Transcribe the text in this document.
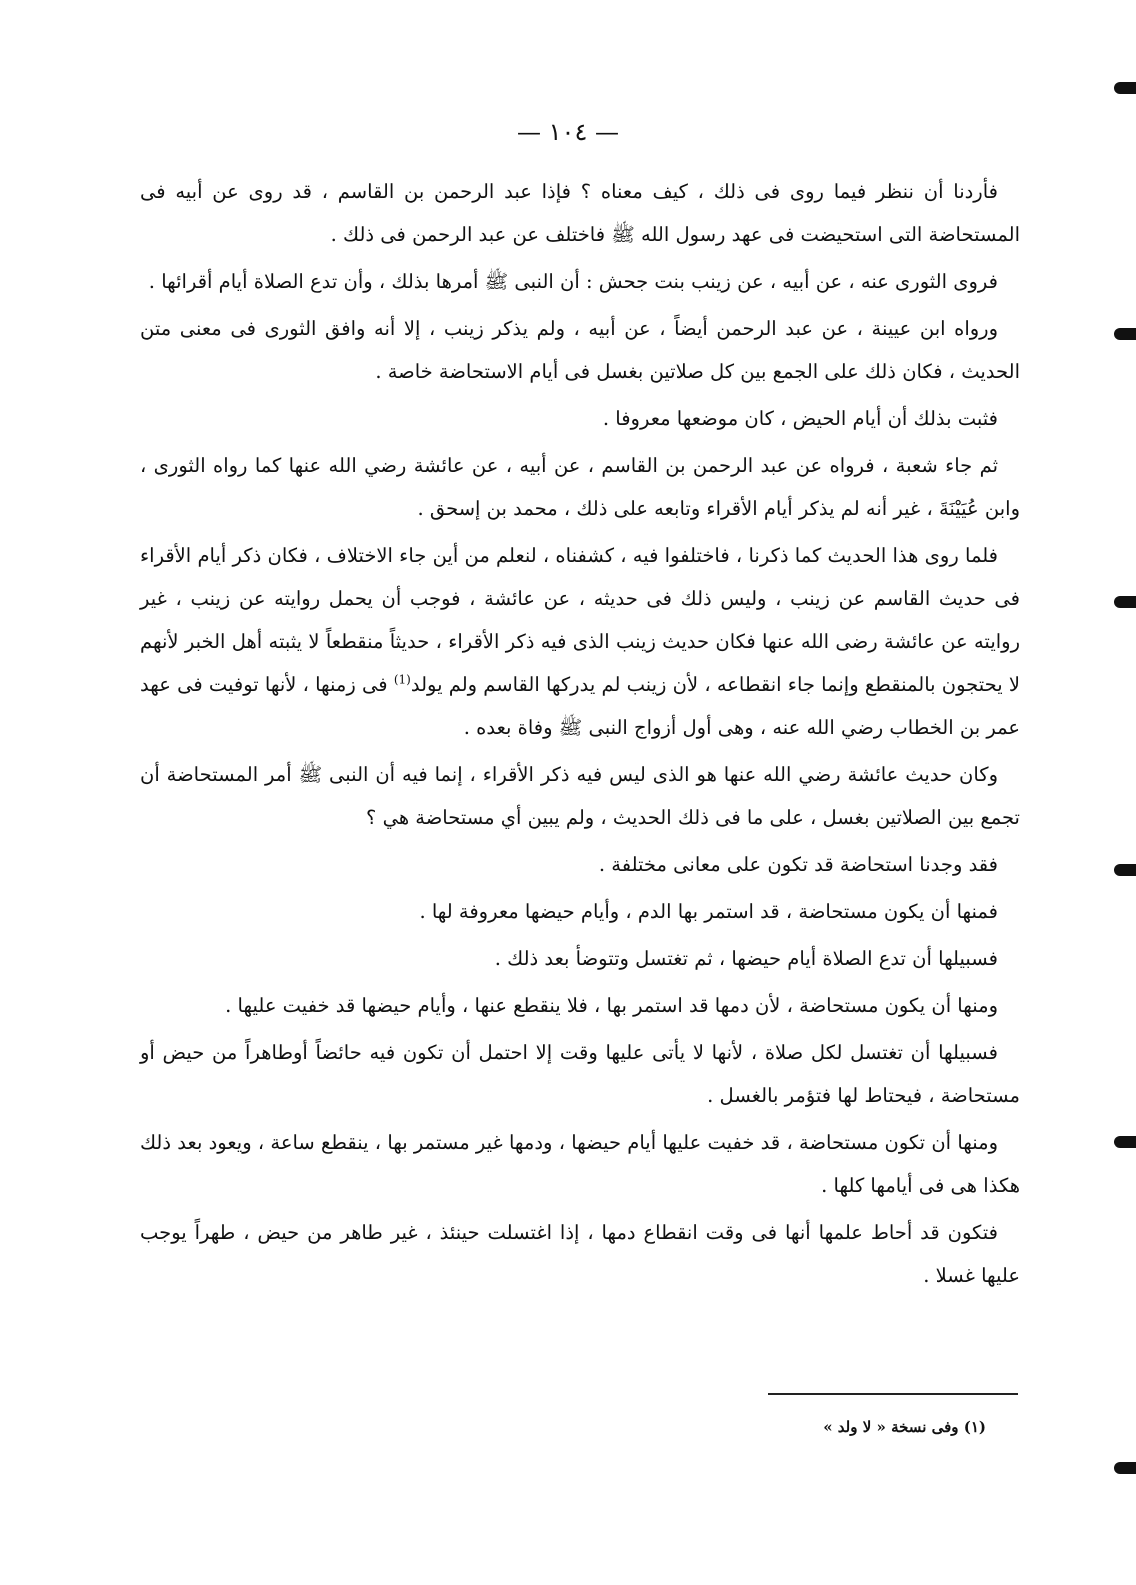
— ١٠٤ —

فأردنا أن ننظر فيما روى فى ذلك ، كيف معناه ؟ فإذا عبد الرحمن بن القاسم ، قد روى عن أبيه فى المستحاضة التى استحيضت فى عهد رسول الله ﷺ فاختلف عن عبد الرحمن فى ذلك .

فروى الثورى عنه ، عن أبيه ، عن زينب بنت جحش : أن النبى ﷺ أمرها بذلك ، وأن تدع الصلاة أيام أقرائها .

ورواه ابن عيينة ، عن عبد الرحمن أيضاً ، عن أبيه ، ولم يذكر زينب ، إلا أنه وافق الثورى فى معنى متن الحديث ، فكان ذلك على الجمع بين كل صلاتين بغسل فى أيام الاستحاضة خاصة .

فثبت بذلك أن أيام الحيض ، كان موضعها معروفا .

ثم جاء شعبة ، فرواه عن عبد الرحمن بن القاسم ، عن أبيه ، عن عائشة رضي الله عنها كما رواه الثورى ، وابن عُيَيْنَةَ ، غير أنه لم يذكر أيام الأقراء وتابعه على ذلك ، محمد بن إسحق .

فلما روى هذا الحديث كما ذكرنا ، فاختلفوا فيه ، كشفناه ، لنعلم من أين جاء الاختلاف ، فكان ذكر أيام الأقراء فى حديث القاسم عن زينب ، وليس ذلك فى حديثه ، عن عائشة ، فوجب أن يحمل روايته عن زينب ، غير روايته عن عائشة رضى الله عنها فكان حديث زينب الذى فيه ذكر الأقراء ، حديثاً منقطعاً لا يثبته أهل الخبر لأنهم لا يحتجون بالمنقطع وإنما جاء انقطاعه ، لأن زينب لم يدركها القاسم ولم يولد$^{(1)}$ فى زمنها ، لأنها توفيت فى عهد عمر بن الخطاب رضي الله عنه ، وهى أول أزواج النبى ﷺ وفاة بعده .

وكان حديث عائشة رضي الله عنها هو الذى ليس فيه ذكر الأقراء ، إنما فيه أن النبى ﷺ أمر المستحاضة أن تجمع بين الصلاتين بغسل ، على ما فى ذلك الحديث ، ولم يبين أي مستحاضة هي ؟

فقد وجدنا استحاضة قد تكون على معانى مختلفة .

فمنها أن يكون مستحاضة ، قد استمر بها الدم ، وأيام حيضها معروفة لها .

فسبيلها أن تدع الصلاة أيام حيضها ، ثم تغتسل وتتوضأ بعد ذلك .

ومنها أن يكون مستحاضة ، لأن دمها قد استمر بها ، فلا ينقطع عنها ، وأيام حيضها قد خفيت عليها .

فسبيلها أن تغتسل لكل صلاة ، لأنها لا يأتى عليها وقت إلا احتمل أن تكون فيه حائضاً أوطاهراً من حيض أو مستحاضة ، فيحتاط لها فتؤمر بالغسل .

ومنها أن تكون مستحاضة ، قد خفيت عليها أيام حيضها ، ودمها غير مستمر بها ، ينقطع ساعة ، ويعود بعد ذلك هكذا هى فى أيامها كلها .

فتكون قد أحاط علمها أنها فى وقت انقطاع دمها ، إذا اغتسلت حينئذ ، غير طاهر من حيض ، طهراً يوجب عليها غسلا .

(١) وفى نسخة « لا ولد »
